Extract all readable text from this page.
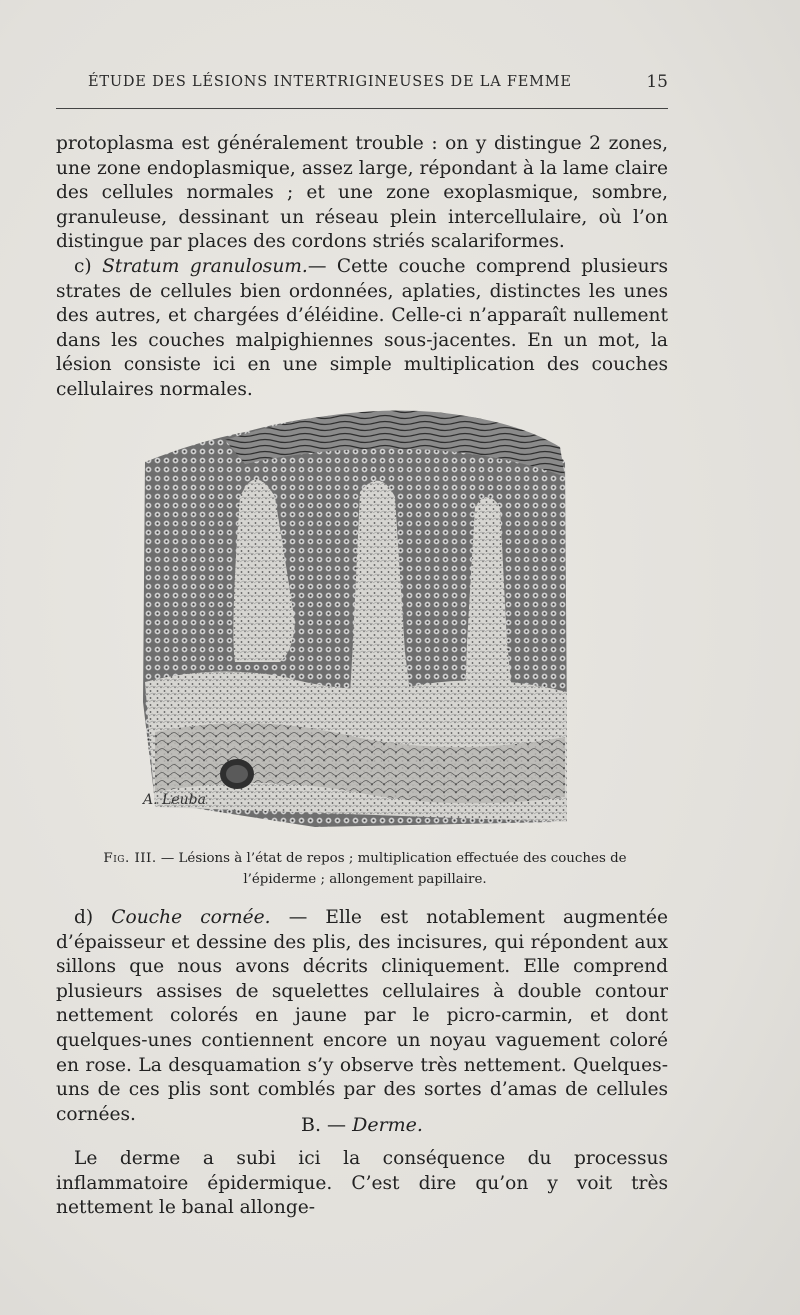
ÉTUDE DES LÉSIONS INTERTRIGINEUSES DE LA FEMME	15

protoplasma est généralement trouble : on y distingue 2 zones, une zone endoplasmique, assez large, répondant à la lame claire des cellules normales ; et une zone exoplasmique, sombre, granuleuse, dessinant un réseau plein intercellulaire, où l’on distingue par places des cordons striés scalariformes.

c) Stratum granulosum.— Cette couche comprend plusieurs strates de cellules bien ordonnées, aplaties, distinctes les unes des autres, et chargées d’éléidine. Celle-ci n’apparaît nullement dans les couches malpighiennes sous-jacentes. En un mot, la lésion consiste ici en une simple multiplication des couches cellulaires normales.

A. Leuba
Fig. III. — Lésions à l’état de repos ; multiplication effectuée des couches de l’épiderme ; allongement papillaire.

d) Couche cornée. — Elle est notablement augmentée d’épaisseur et dessine des plis, des incisures, qui répondent aux sillons que nous avons décrits cliniquement. Elle comprend plusieurs assises de squelettes cellulaires à double contour nettement colorés en jaune par le picro-carmin, et dont quelques-unes contiennent encore un noyau vaguement coloré en rose. La desquamation s’y observe très nettement. Quelques-uns de ces plis sont comblés par des sortes d’amas de cellules cornées.	B. — Derme.

Le derme a subi ici la conséquence du processus inflammatoire épidermique. C’est dire qu’on y voit très nettement le banal allonge-
